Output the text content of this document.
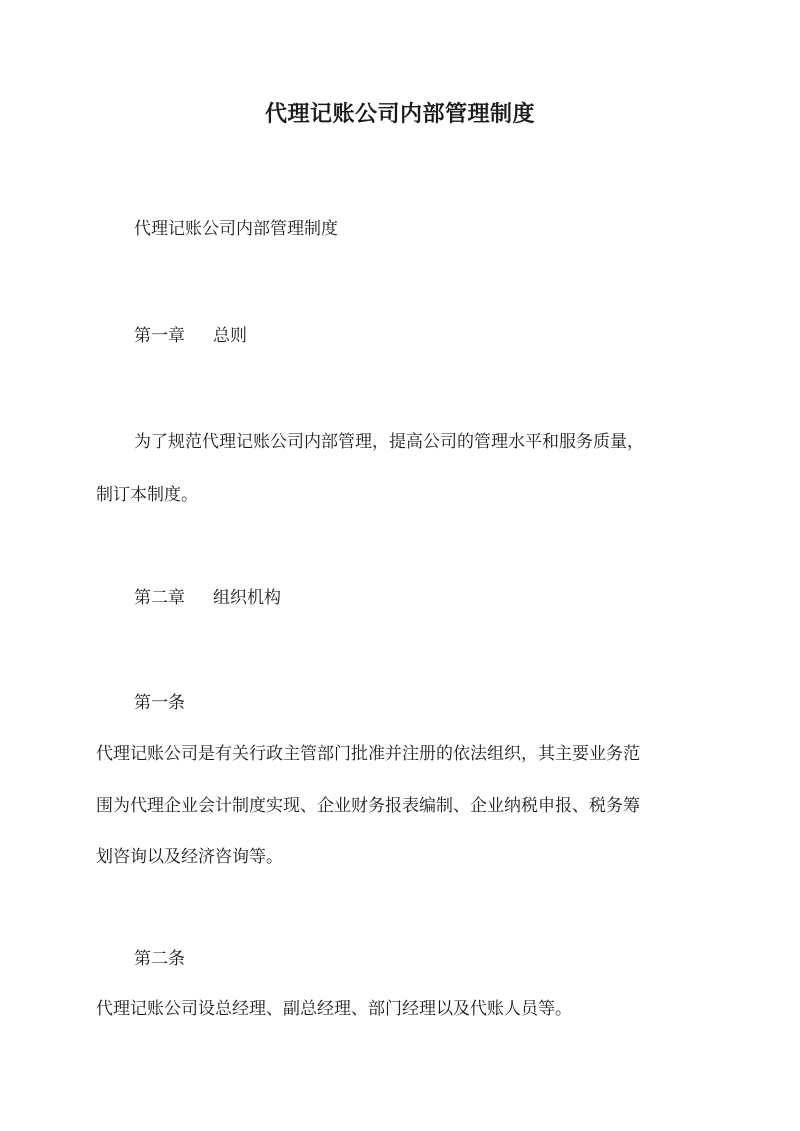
代理记账公司内部管理制度
代理记账公司内部管理制度
第一章 总则
为了规范代理记账公司内部管理，提高公司的管理水平和服务质量，
制订本制度。
第二章 组织机构
第一条
代理记账公司是有关行政主管部门批准并注册的依法组织，其主要业务范
围为代理企业会计制度实现、企业财务报表编制、企业纳税申报、税务筹
划咨询以及经济咨询等。
第二条
代理记账公司设总经理、副总经理、部门经理以及代账人员等。
